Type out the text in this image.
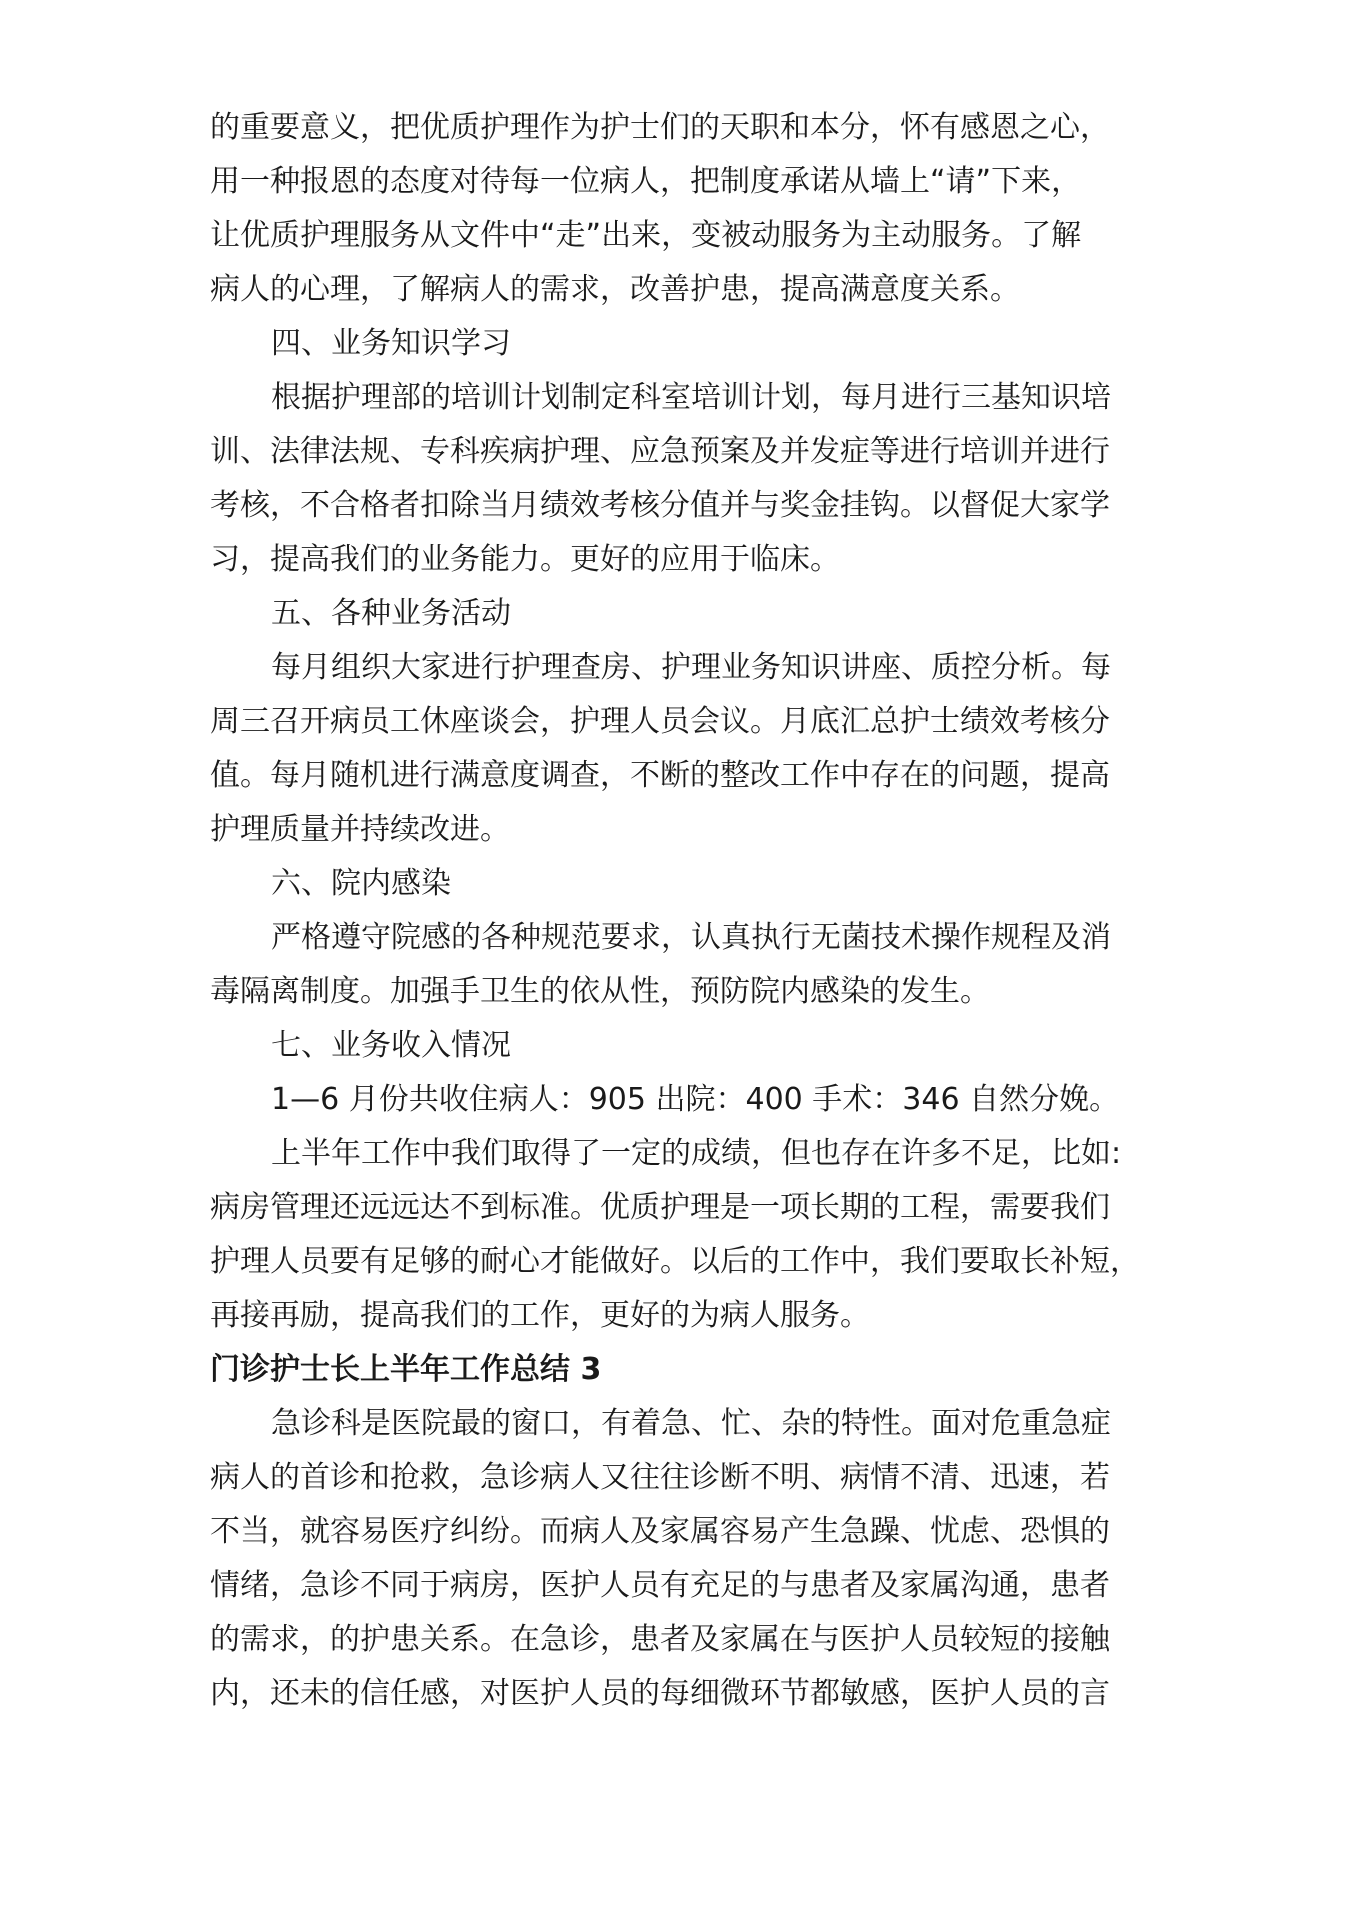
的重要意义，把优质护理作为护士们的天职和本分，怀有感恩之心，
用一种报恩的态度对待每一位病人，把制度承诺从墙上“请”下来，
让优质护理服务从文件中“走”出来，变被动服务为主动服务。了解
病人的心理，了解病人的需求，改善护患，提高满意度关系。
四、业务知识学习
根据护理部的培训计划制定科室培训计划，每月进行三基知识培
训、法律法规、专科疾病护理、应急预案及并发症等进行培训并进行
考核，不合格者扣除当月绩效考核分值并与奖金挂钩。以督促大家学
习，提高我们的业务能力。更好的应用于临床。
五、各种业务活动
每月组织大家进行护理查房、护理业务知识讲座、质控分析。每
周三召开病员工休座谈会，护理人员会议。月底汇总护士绩效考核分
值。每月随机进行满意度调查，不断的整改工作中存在的问题，提高
护理质量并持续改进。
六、院内感染
严格遵守院感的各种规范要求，认真执行无菌技术操作规程及消
毒隔离制度。加强手卫生的依从性，预防院内感染的发生。
七、业务收入情况
1—6 月份共收住病人：905 出院：400 手术：346 自然分娩。
上半年工作中我们取得了一定的成绩，但也存在许多不足，比如:
病房管理还远远达不到标准。优质护理是一项长期的工程，需要我们
护理人员要有足够的耐心才能做好。以后的工作中，我们要取长补短，
再接再励，提高我们的工作，更好的为病人服务。
门诊护士长上半年工作总结 3
急诊科是医院最的窗口，有着急、忙、杂的特性。面对危重急症
病人的首诊和抢救，急诊病人又往往诊断不明、病情不清、迅速，若
不当，就容易医疗纠纷。而病人及家属容易产生急躁、忧虑、恐惧的
情绪，急诊不同于病房，医护人员有充足的与患者及家属沟通，患者
的需求，的护患关系。在急诊，患者及家属在与医护人员较短的接触
内，还未的信任感，对医护人员的每细微环节都敏感，医护人员的言
